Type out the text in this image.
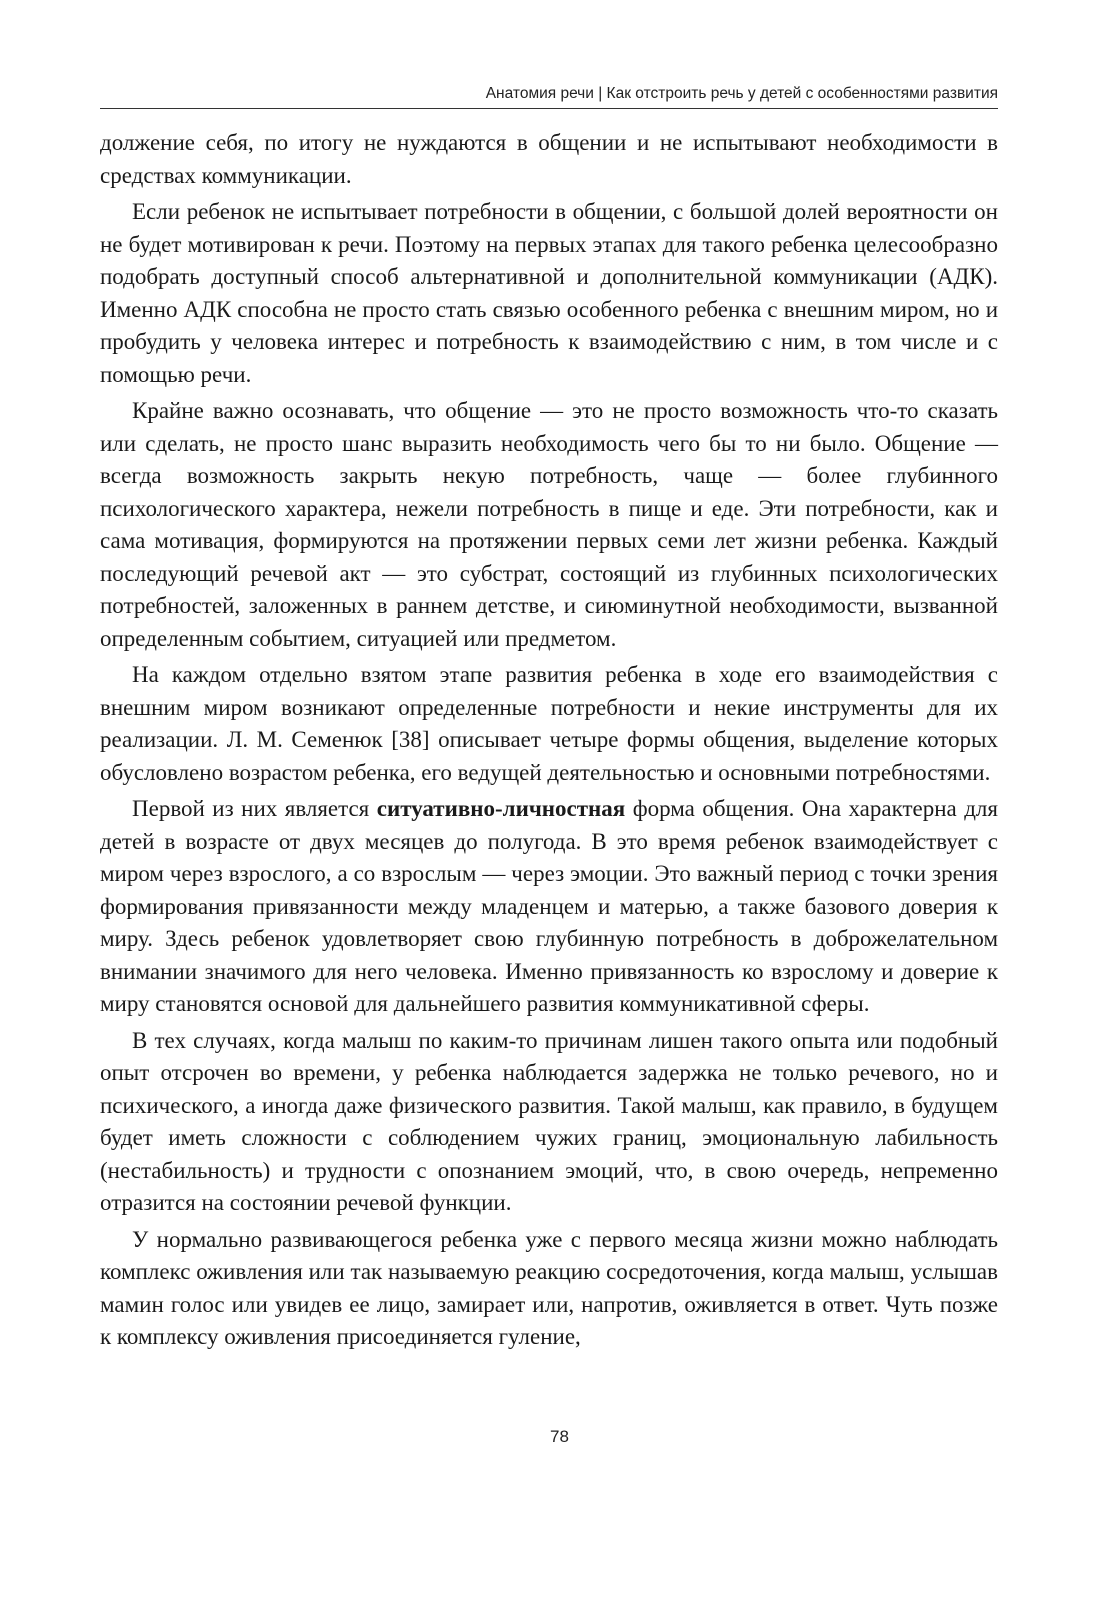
Анатомия речи | Как отстроить речь у детей с особенностями развития

должение себя, по итогу не нуждаются в общении и не испытывают необходимости в средствах коммуникации.

Если ребенок не испытывает потребности в общении, с большой долей вероятности он не будет мотивирован к речи. Поэтому на первых этапах для такого ребенка целесообразно подобрать доступный способ альтернативной и дополнительной коммуникации (АДК). Именно АДК способна не просто стать связью особенного ребенка с внешним миром, но и пробудить у человека интерес и потребность к взаимодействию с ним, в том числе и с помощью речи.

Крайне важно осознавать, что общение — это не просто возможность что-то сказать или сделать, не просто шанс выразить необходимость чего бы то ни было. Общение — всегда возможность закрыть некую потребность, чаще — более глубинного психологического характера, нежели потребность в пище и еде. Эти потребности, как и сама мотивация, формируются на протяжении первых семи лет жизни ребенка. Каждый последующий речевой акт — это субстрат, состоящий из глубинных психологических потребностей, заложенных в раннем детстве, и сиюминутной необходимости, вызванной определенным событием, ситуацией или предметом.

На каждом отдельно взятом этапе развития ребенка в ходе его взаимодействия с внешним миром возникают определенные потребности и некие инструменты для их реализации. Л. М. Семенюк [38] описывает четыре формы общения, выделение которых обусловлено возрастом ребенка, его ведущей деятельностью и основными потребностями.

Первой из них является ситуативно-личностная форма общения. Она характерна для детей в возрасте от двух месяцев до полугода. В это время ребенок взаимодействует с миром через взрослого, а со взрослым — через эмоции. Это важный период с точки зрения формирования привязанности между младенцем и матерью, а также базового доверия к миру. Здесь ребенок удовлетворяет свою глубинную потребность в доброжелательном внимании значимого для него человека. Именно привязанность ко взрослому и доверие к миру становятся основой для дальнейшего развития коммуникативной сферы.

В тех случаях, когда малыш по каким-то причинам лишен такого опыта или подобный опыт отсрочен во времени, у ребенка наблюдается задержка не только речевого, но и психического, а иногда даже физического развития. Такой малыш, как правило, в будущем будет иметь сложности с соблюдением чужих границ, эмоциональную лабильность (нестабильность) и трудности с опознанием эмоций, что, в свою очередь, непременно отразится на состоянии речевой функции.

У нормально развивающегося ребенка уже с первого месяца жизни можно наблюдать комплекс оживления или так называемую реакцию сосредоточения, когда малыш, услышав мамин голос или увидев ее лицо, замирает или, напротив, оживляется в ответ. Чуть позже к комплексу оживления присоединяется гуление,

78
